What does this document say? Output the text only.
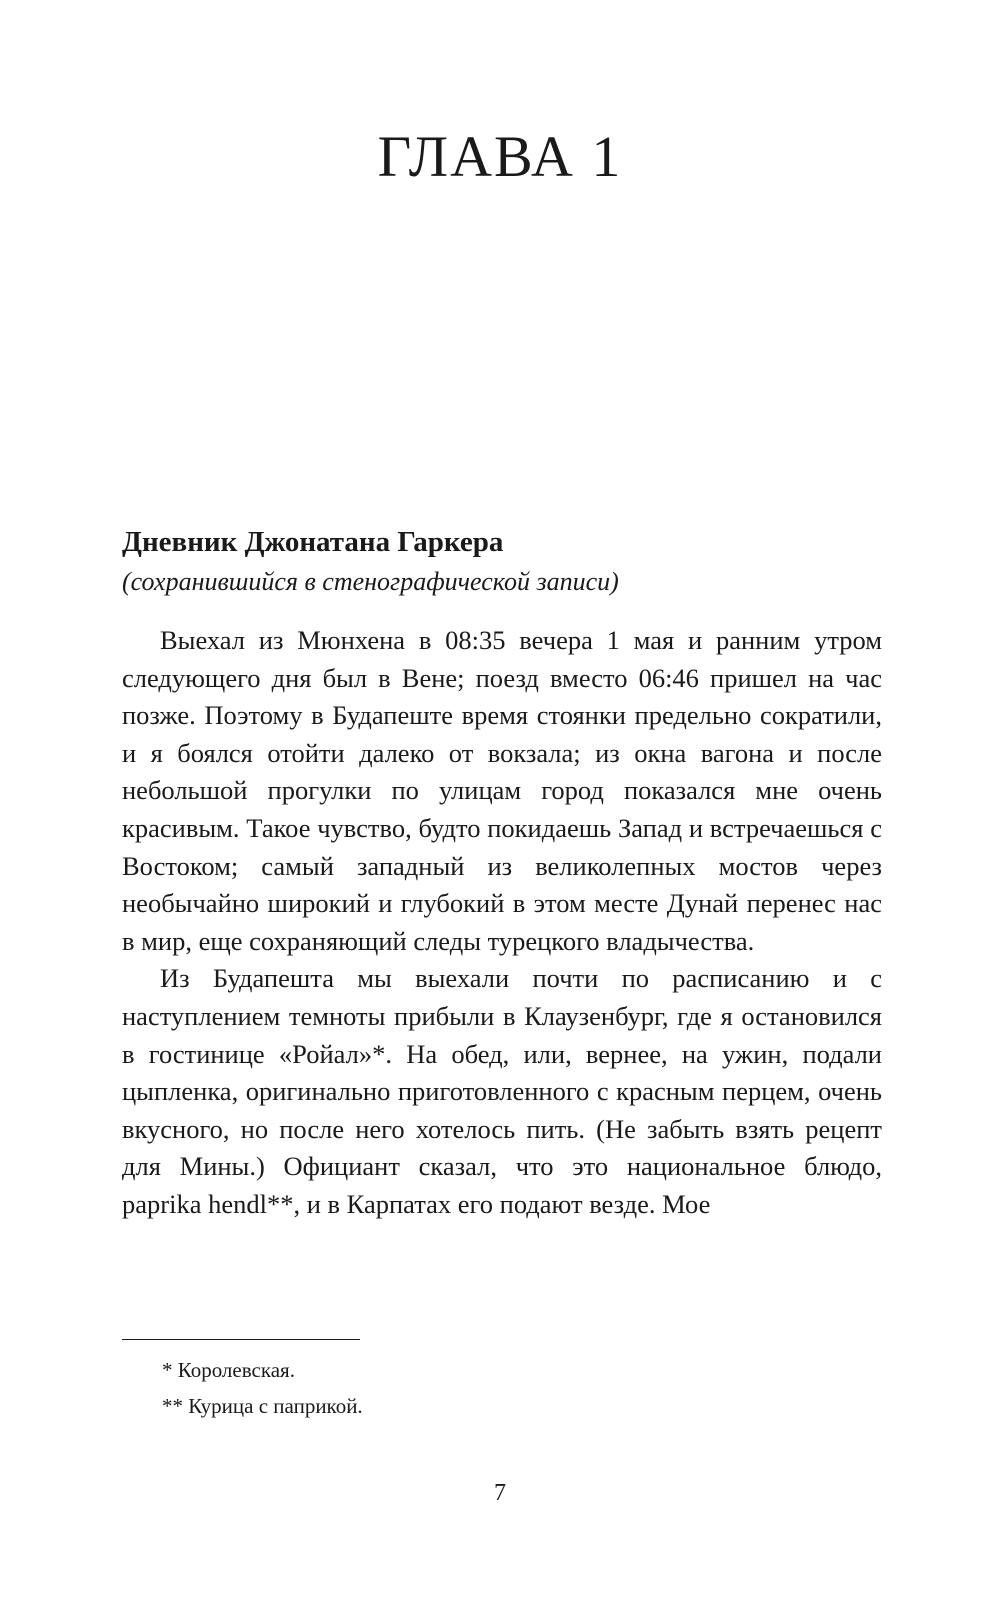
ГЛАВА 1

Дневник Джонатана Гаркера

(сохранившийся в стенографической записи)

Выехал из Мюнхена в 08:35 вечера 1 мая и ранним утром следующего дня был в Вене; поезд вместо 06:46 пришел на час позже. Поэтому в Будапеште время стоянки предельно сократили, и я боялся отойти далеко от вокзала; из окна вагона и после небольшой прогулки по улицам город показался мне очень красивым. Такое чувство, будто покидаешь Запад и встречаешься с Востоком; самый западный из великолепных мостов через необычайно широкий и глубокий в этом месте Дунай перенес нас в мир, еще сохраняющий следы турецкого владычества.

Из Будапешта мы выехали почти по расписанию и с наступлением темноты прибыли в Клаузенбург, где я остановился в гостинице «Ройал»*. На обед, или, вернее, на ужин, подали цыпленка, оригинально приготовленного с красным перцем, очень вкусного, но после него хотелось пить. (Не забыть взять рецепт для Мины.) Официант сказал, что это национальное блюдо, paprika hendl**, и в Карпатах его подают везде. Мое

* Королевская.

** Курица с паприкой.

7
